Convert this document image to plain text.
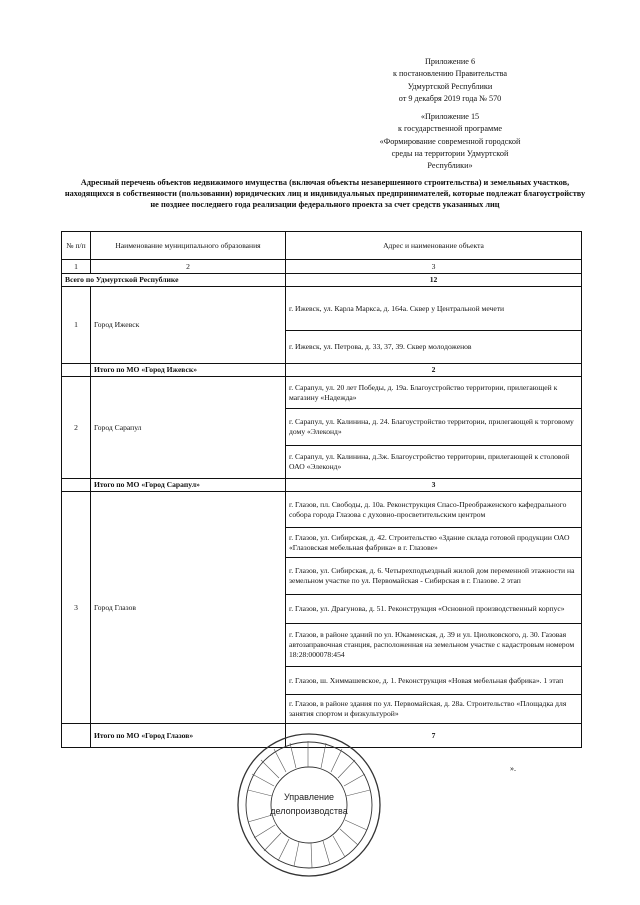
Приложение 6
к постановлению Правительства
Удмуртской Республики
от 9 декабря 2019 года № 570
«Приложение 15
к государственной программе
«Формирование современной городской
среды на территории Удмуртской
Республики»
Адресный перечень объектов недвижимого имущества (включая объекты незавершенного строительства) и земельных участков, находящихся в собственности (пользовании) юридических лиц и индивидуальных предпринимателей, которые подлежат благоустройству не позднее последнего года реализации федерального проекта за счет средств указанных лиц
№ п/п	Наименование муниципального образования	Адрес и наименование объекта
1	2	3
Всего по Удмуртской Республике		12
1	Город Ижевск	г. Ижевск, ул. Карла Маркса, д. 164а. Сквер у Центральной мечети
		г. Ижевск, ул. Петрова, д. 33, 37, 39. Сквер молодоженов
	Итого по МО «Город Ижевск»	2
2	Город Сарапул	г. Сарапул, ул. 20 лет Победы, д. 19а. Благоустройство территории, прилегающей к магазину «Надежда»
		г. Сарапул, ул. Калинина, д. 24. Благоустройство территории, прилегающей к торговому дому «Элеконд»
		г. Сарапул, ул. Калинина, д.3ж. Благоустройство территории, прилегающей к столовой ОАО «Элеконд»
	Итого по МО «Город Сарапул»	3
3	Город Глазов	г. Глазов, пл. Свободы, д. 10а. Реконструкция Спасо-Преображенского кафедрального собора города Глазова с духовно-просветительским центром
		г. Глазов, ул. Сибирская, д. 42. Строительство «Здание склада готовой продукции ОАО «Глазовская мебельная фабрика» в г. Глазове»
		г. Глазов, ул. Сибирская, д. 6. Четырехподъездный жилой дом переменной этажности на земельном участке по ул. Первомайская - Сибирская в г. Глазове. 2 этап
		г. Глазов, ул. Драгунова, д. 51. Реконструкция «Основной производственный корпус»
		г. Глазов, в районе зданий по ул. Юкаменская, д. 39 и ул. Циолковского, д. 30. Газовая автозаправочная станция, расположенная на земельном участке с кадастровым номером 18:28:000078:454
		г. Глазов, ш. Химмашевское, д. 1. Реконструкция «Новая мебельная фабрика». 1 этап
		г. Глазов, в районе здания по ул. Первомайская, д. 28а. Строительство «Площадка для занятия спортом и физкультурой»
	Итого по МО «Город Глазов»	7
Управление
делопроизводства
».
